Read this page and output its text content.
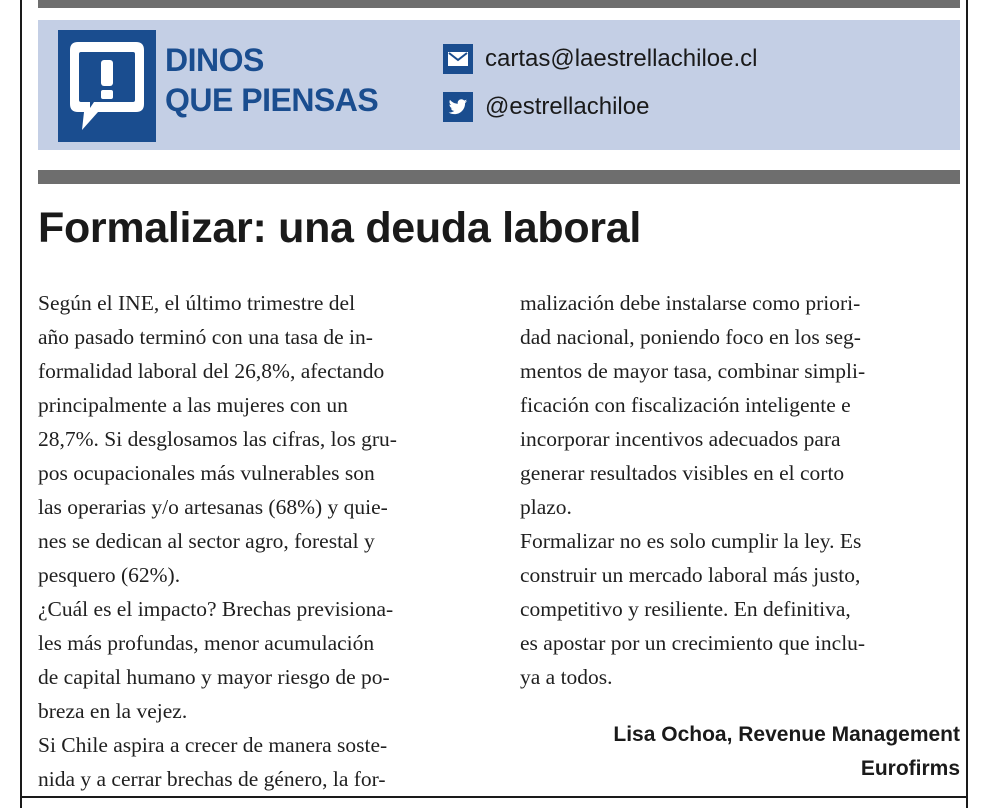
DINOS
QUE PIENSAS
cartas@laestrellachiloe.cl
@estrellachiloe
Formalizar: una deuda laboral
Según el INE, el último trimestre del
año pasado terminó con una tasa de in-
formalidad laboral del 26,8%, afectando
principalmente a las mujeres con un
28,7%. Si desglosamos las cifras, los gru-
pos ocupacionales más vulnerables son
las operarias y/o artesanas (68%) y quie-
nes se dedican al sector agro, forestal y
pesquero (62%).
¿Cuál es el impacto? Brechas previsiona-
les más profundas, menor acumulación
de capital humano y mayor riesgo de po-
breza en la vejez.
Si Chile aspira a crecer de manera soste-
nida y a cerrar brechas de género, la for-
malización debe instalarse como priori-
dad nacional, poniendo foco en los seg-
mentos de mayor tasa, combinar simpli-
ficación con fiscalización inteligente e
incorporar incentivos adecuados para
generar resultados visibles en el corto
plazo.
Formalizar no es solo cumplir la ley. Es
construir un mercado laboral más justo,
competitivo y resiliente. En definitiva,
es apostar por un crecimiento que inclu-
ya a todos.
Lisa Ochoa, Revenue Management
Eurofirms
